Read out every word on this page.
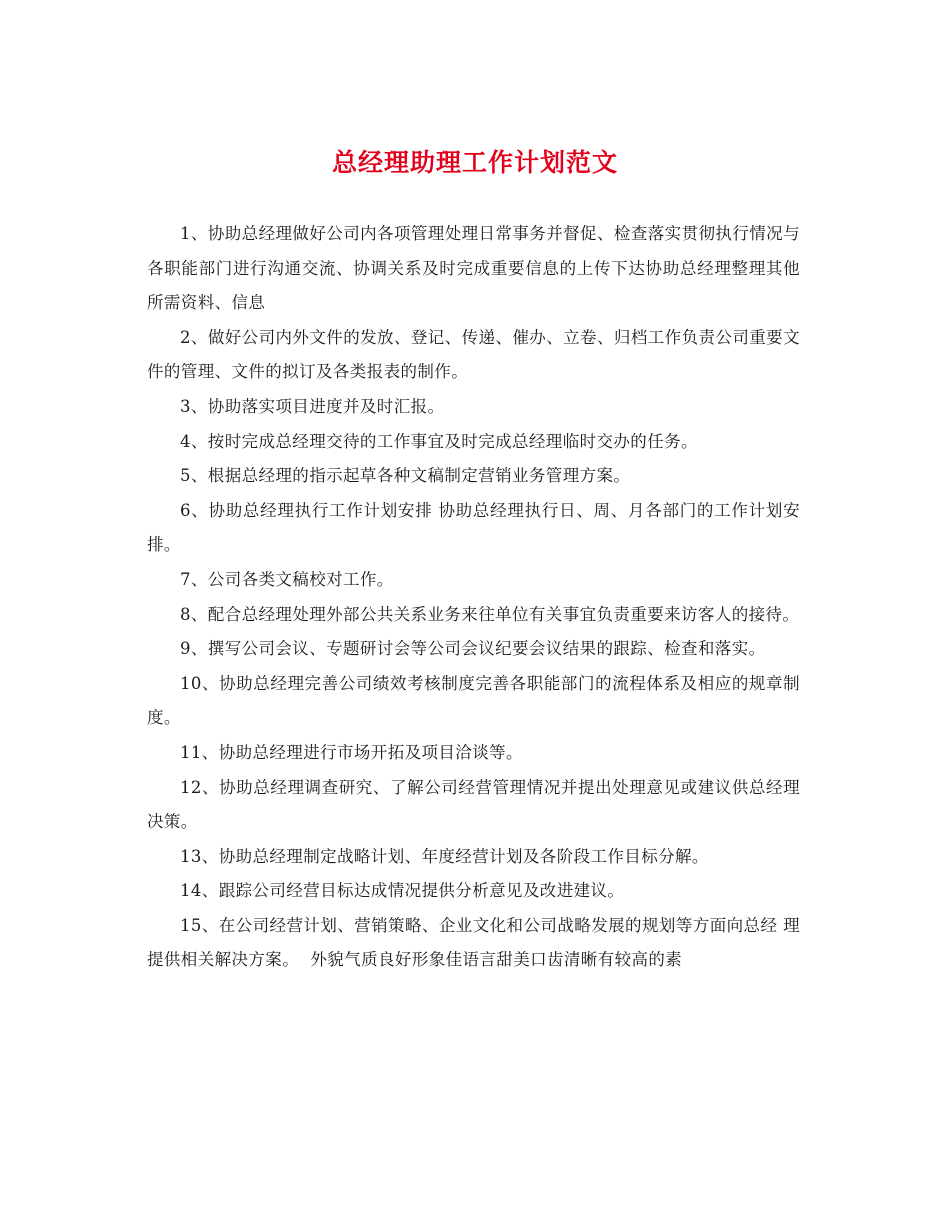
总经理助理工作计划范文

1、协助总经理做好公司内各项管理处理日常事务并督促、检查落实贯彻执行情况与各职能部门进行沟通交流、协调关系及时完成重要信息的上传下达协助总经理整理其他所需资料、信息

2、做好公司内外文件的发放、登记、传递、催办、立卷、归档工作负责公司重要文件的管理、文件的拟订及各类报表的制作。

3、协助落实项目进度并及时汇报。

4、按时完成总经理交待的工作事宜及时完成总经理临时交办的任务。

5、根据总经理的指示起草各种文稿制定营销业务管理方案。

6、协助总经理执行工作计划安排 协助总经理执行日、周、月各部门的工作计划安排。

7、公司各类文稿校对工作。

8、配合总经理处理外部公共关系业务来往单位有关事宜负责重要来访客人的接待。

9、撰写公司会议、专题研讨会等公司会议纪要会议结果的跟踪、检查和落实。

10、协助总经理完善公司绩效考核制度完善各职能部门的流程体系及相应的规章制度。

11、协助总经理进行市场开拓及项目洽谈等。

12、协助总经理调查研究、了解公司经营管理情况并提出处理意见或建议供总经理决策。

13、协助总经理制定战略计划、年度经营计划及各阶段工作目标分解。

14、跟踪公司经营目标达成情况提供分析意见及改进建议。

15、在公司经营计划、营销策略、企业文化和公司战略发展的规划等方面向总经 理提供相关解决方案。  外貌气质良好形象佳语言甜美口齿清晰有较高的素
